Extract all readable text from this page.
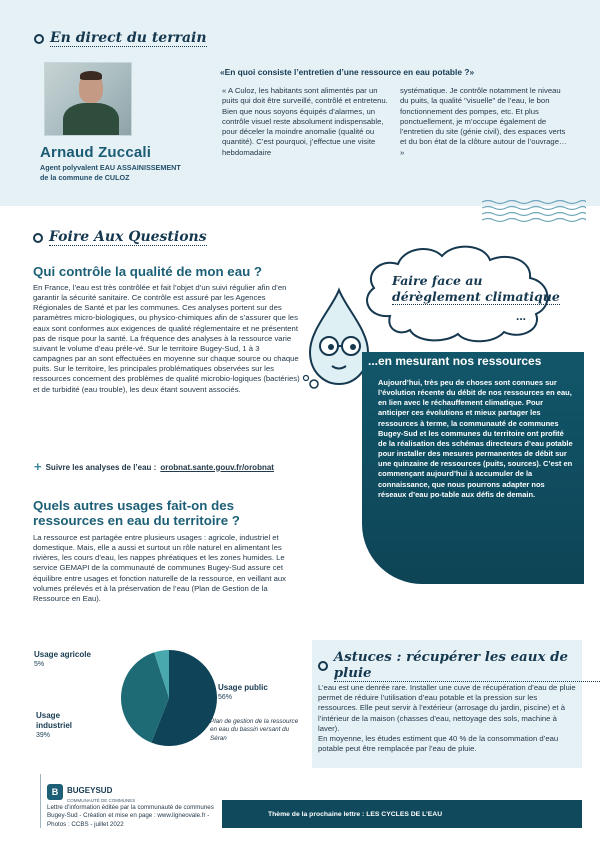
En direct du terrain
Arnaud Zuccali
Agent polyvalent EAU ASSAINISSEMENT
de la commune de CULOZ
«En quoi consiste l’entretien d’une ressource en eau potable ?»
« A Culoz, les habitants sont alimentés par un puits qui doit être surveillé, contrôlé et entretenu. Bien que nous soyons équipés d’alarmes, un contrôle visuel reste absolument indispensable, pour déceler la moindre anomalie (qualité ou quantité). C’est pourquoi, j’effectue une visite hebdomadaire
systématique. Je contrôle notamment le niveau du puits, la qualité "visuelle" de l’eau, le bon fonctionnement des pompes, etc. Et plus ponctuellement, je m’occupe également de l’entretien du site (génie civil), des espaces verts et du bon état de la clôture autour de l’ouvrage… »
Foire Aux Questions
Qui contrôle la qualité de mon eau ?
En France, l’eau est très contrôlée et fait l’objet d’un suivi régulier afin d’en garantir la sécurité sanitaire. Ce contrôle est assuré par les Agences Régionales de Santé et par les communes. Ces analyses portent sur des paramètres micro-biologiques, ou physico-chimiques afin de s’assurer que les eaux sont conformes aux exigences de qualité réglementaire et ne présentent pas de risque pour la santé. La fréquence des analyses à la ressource varie suivant le volume d’eau préle-vé. Sur le territoire Bugey-Sud, 1 à 3 campagnes par an sont effectuées en moyenne sur chaque source ou chaque puits. Sur le territoire, les principales problématiques observées sur les ressources concernent des problèmes de qualité microbio-logiques (bactéries) et de turbidité (eau trouble), les deux étant souvent associés.
+ Suivre les analyses de l’eau : orobnat.sante.gouv.fr/orobnat
Quels autres usages fait-on des
ressources en eau du territoire ?
La ressource est partagée entre plusieurs usages : agricole, industriel et domestique. Mais, elle a aussi et surtout un rôle naturel en alimentant les rivières, les cours d’eau, les nappes phréatiques et les zones humides. Le service GEMAPI de la communauté de communes Bugey-Sud assure cet équilibre entre usages et fonction naturelle de la ressource, en veillant aux volumes prélevés et à la préservation de l’eau (Plan de Gestion de la Ressource en Eau).
Faire face au
dérèglement climatique
...
...en mesurant nos ressources
Aujourd’hui, très peu de choses sont connues sur l’évolution récente du débit de nos ressources en eau, en lien avec le réchauffement climatique. Pour anticiper ces évolutions et mieux partager les ressources à terme, la communauté de communes Bugey-Sud et les communes du territoire ont profité de la réalisation des schémas directeurs d’eau potable pour installer des mesures permanentes de débit sur une quinzaine de ressources (puits, sources). C’est en commençant aujourd’hui à accumuler de la connaissance, que nous pourrons adapter nos réseaux d’eau po-table aux défis de demain.
Usage agricole
5%
Usage industriel
39%
Usage public
56%
Plan de gestion de la ressource en eau du bassin versant du Séran
Astuces : récupérer les eaux de pluie
L’eau est une denrée rare. Installer une cuve de récupération d’eau de pluie permet de réduire l’utilisation d’eau potable et la pression sur les ressources. Elle peut servir à l’extérieur (arrosage du jardin, piscine) et à l’intérieur de la maison (chasses d’eau, nettoyage des sols, machine à laver).
En moyenne, les études estiment que 40 % de la consommation d’eau potable peut être remplacée par l’eau de pluie.
B	BUGEYSUD
COMMUNAUTÉ DE COMMUNES
Lettre d’information éditée par la communauté de communes Bugey-Sud - Création et mise en page : www.ligneovale.fr - Photos : CCBS - juillet 2022
Thème de la prochaine lettre : LES CYCLES DE L’EAU
